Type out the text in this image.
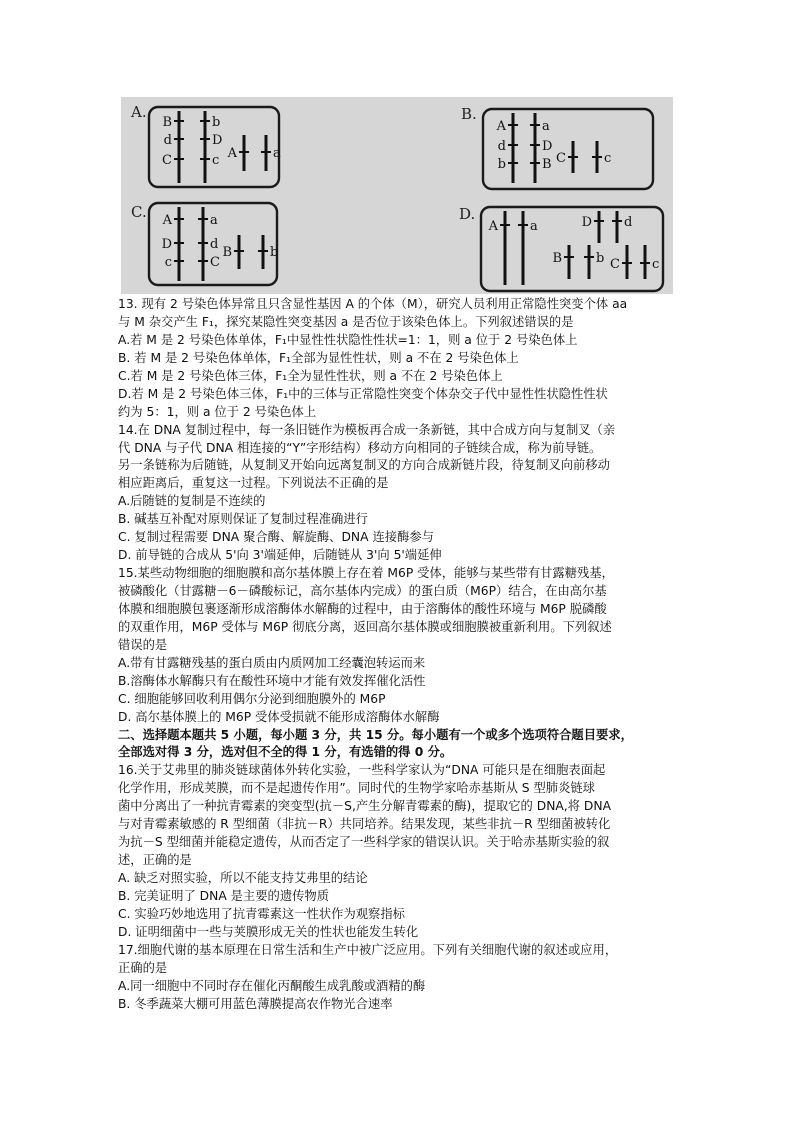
A.
B
d
C
b
D
c A	a
B.
A
d
b
a
D
B C	c
C. A
D
c
a
d
C
B	b
D.
A a
B	b
D d
C c
13. 现有 2 号染色体异常且只含显性基因 A 的个体（M），研究人员利用正常隐性突变个体 aa
与 M 杂交产生 F₁，探究某隐性突变基因 a 是否位于该染色体上。下列叙述错误的是
A.若 M 是 2 号染色体单体，F₁中显性性状隐性性状=1：1，则 a 位于 2 号染色体上
B. 若 M 是 2 号染色体单体，F₁全部为显性性状，则 a 不在 2 号染色体上
C.若 M 是 2 号染色体三体，F₁全为显性性状，则 a 不在 2 号染色体上
D.若 M 是 2 号染色体三体，F₁中的三体与正常隐性突变个体杂交子代中显性性状隐性性状
约为 5：1，则 a 位于 2 号染色体上
14.在 DNA 复制过程中，每一条旧链作为模板再合成一条新链，其中合成方向与复制叉（亲
代 DNA 与子代 DNA 相连接的“Y”字形结构）移动方向相同的子链续合成，称为前导链。
另一条链称为后随链，从复制叉开始向远离复制叉的方向合成新链片段，待复制叉向前移动
相应距离后，重复这一过程。下列说法不正确的是
A.后随链的复制是不连续的
B. 碱基互补配对原则保证了复制过程准确进行
C. 复制过程需要 DNA 聚合酶、解旋酶、DNA 连接酶参与
D. 前导链的合成从 5'向 3'端延伸，后随链从 3'向 5'端延伸
15.某些动物细胞的细胞膜和高尔基体膜上存在着 M6P 受体，能够与某些带有甘露糖残基，
被磷酸化（甘露糖－6－磷酸标记，高尔基体内完成）的蛋白质（M6P）结合，在由高尔基
体膜和细胞膜包裹逐渐形成溶酶体水解酶的过程中，由于溶酶体的酸性环境与 M6P 脱磷酸
的双重作用，M6P 受体与 M6P 彻底分离，返回高尔基体膜或细胞膜被重新利用。下列叙述
错误的是
A.带有甘露糖残基的蛋白质由内质网加工经囊泡转运而来
B.溶酶体水解酶只有在酸性环境中才能有效发挥催化活性
C. 细胞能够回收利用偶尔分泌到细胞膜外的 M6P
D. 高尔基体膜上的 M6P 受体受损就不能形成溶酶体水解酶
二、选择题本题共 5 小题，每小题 3 分，共 15 分。每小题有一个或多个选项符合题目要求，
全部选对得 3 分，选对但不全的得 1 分，有选错的得 0 分。
16.关于艾弗里的肺炎链球菌体外转化实验，一些科学家认为“DNA 可能只是在细胞表面起
化学作用，形成荚膜，而不是起遗传作用”。同时代的生物学家哈赤基斯从 S 型肺炎链球
菌中分离出了一种抗青霉素的突变型(抗－S,产生分解青霉素的酶)，提取它的 DNA,将 DNA
与对青霉素敏感的 R 型细菌（非抗－R）共同培养。结果发现，某些非抗－R 型细菌被转化
为抗－S 型细菌并能稳定遗传，从而否定了一些科学家的错误认识。关于哈赤基斯实验的叙
述，正确的是
A. 缺乏对照实验，所以不能支持艾弗里的结论
B. 完美证明了 DNA 是主要的遗传物质
C. 实验巧妙地选用了抗青霉素这一性状作为观察指标
D. 证明细菌中一些与荚膜形成无关的性状也能发生转化
17.细胞代谢的基本原理在日常生活和生产中被广泛应用。下列有关细胞代谢的叙述或应用，
正确的是
A.同一细胞中不同时存在催化丙酮酸生成乳酸或酒精的酶
B. 冬季蔬菜大棚可用蓝色薄膜提高农作物光合速率
